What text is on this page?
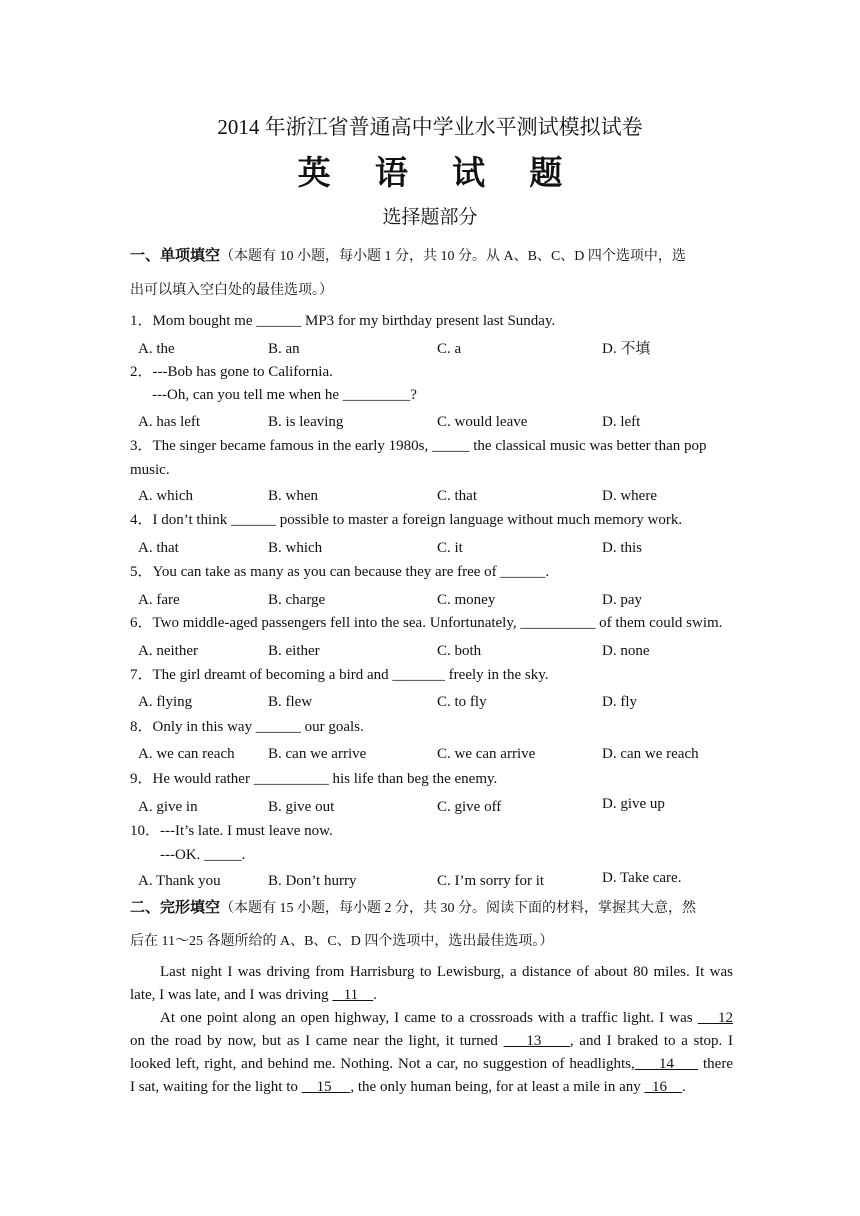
2014 年浙江省普通高中学业水平测试模拟试卷
英 语 试 题
选择题部分
一、单项填空（本题有 10 小题，每小题 1 分，共 10 分。从 A、B、C、D 四个选项中，选
出可以填入空白处的最佳选项。）
1．Mom bought me ______ MP3 for my birthday present last Sunday.
A. the	B. an	C. a	D. 不填
2．---Bob has gone to California.
---Oh, can you tell me when he _________?
A. has left	B. is leaving	C. would leave	D. left
3．The singer became famous in the early 1980s, _____ the classical music was better than pop
music.
A. which	B. when	C. that	D. where
4．I don’t think ______ possible to master a foreign language without much memory work.
A. that	B. which	C. it	D. this
5．You can take as many as you can because they are free of ______.
A. fare	B. charge	C. money	D. pay
6．Two middle-aged passengers fell into the sea. Unfortunately, __________ of them could swim.
A. neither	B. either	C. both	D. none
7．The girl dreamt of becoming a bird and _______ freely in the sky.
A. flying	B. flew	C. to fly	D. fly
8．Only in this way ______ our goals.
A. we can reach B. can we arrive	C. we can arrive	D. can we reach
9．He would rather __________ his life than beg the enemy.
A. give in	B. give out	C. give off	D. give up
10．---It’s late. I must leave now.
---OK. _____.
A. Thank you	B. Don’t hurry	C. I’m sorry for it	D. Take care.
二、完形填空（本题有 15 小题，每小题 2 分，共 30 分。阅读下面的材料，掌握其大意，然
后在 11～25 各题所给的 A、B、C、D 四个选项中，选出最佳选项。）
Last night I was driving from Harrisburg to Lewisburg, a distance of about 80 miles. It was
late, I was late, and I was driving    11    .
At one point along an open highway, I came to a crossroads with a traffic light. I was     12
on the road by now, but as I came near the light, it turned     13     , and I braked to a stop. I
looked left, right, and behind me. Nothing. Not a car, no suggestion of headlights,     14      there
I sat, waiting for the light to     15     , the only human being, for at least a mile in any   16    .
